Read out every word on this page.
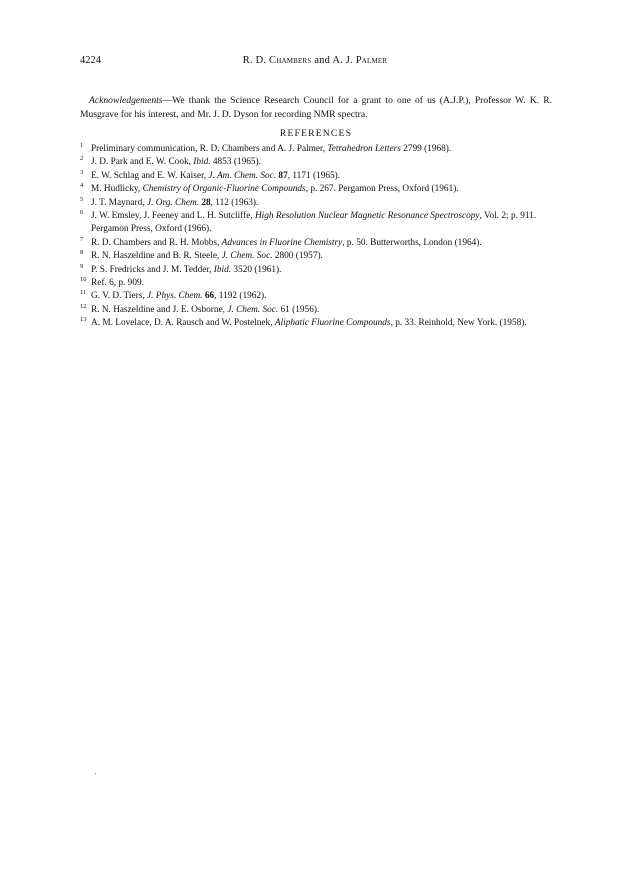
4224	R. D. Chambers and A. J. Palmer

Acknowledgements—We thank the Science Research Council for a grant to one of us (A.J.P.), Professor W. K. R. Musgrave for his interest, and Mr. J. D. Dyson for recording NMR spectra.

REFERENCES
1 Preliminary communication, R. D. Chambers and A. J. Palmer, Tetrahedron Letters 2799 (1968).
2 J. D. Park and E. W. Cook, Ibid. 4853 (1965).
3 E. W. Schlag and E. W. Kaiser, J. Am. Chem. Soc. 87, 1171 (1965).
4 M. Hudlicky, Chemistry of Organic-Fluorine Compounds, p. 267. Pergamon Press, Oxford (1961).
5 J. T. Maynard, J. Org. Chem. 28, 112 (1963).
6 J. W. Emsley, J. Feeney and L. H. Sutcliffe, High Resolution Nuclear Magnetic Resonance Spectroscopy, Vol. 2; p. 911. Pergamon Press, Oxford (1966).
7 R. D. Chambers and R. H. Mobbs, Advances in Fluorine Chemistry, p. 50. Butterworths, London (1964).
8 R. N. Haszeldine and B. R. Steele, J. Chem. Soc. 2800 (1957).
9 P. S. Fredricks and J. M. Tedder, Ibid. 3520 (1961).
10 Ref. 6, p. 909.
11 G. V. D. Tiers, J. Phys. Chem. 66, 1192 (1962).
12 R. N. Haszeldine and J. E. Osborne, J. Chem. Soc. 61 (1956).
13 A. M. Lovelace, D. A. Rausch and W. Postelnek, Aliphatic Fluorine Compounds, p. 33. Reinhold, New York. (1958).
